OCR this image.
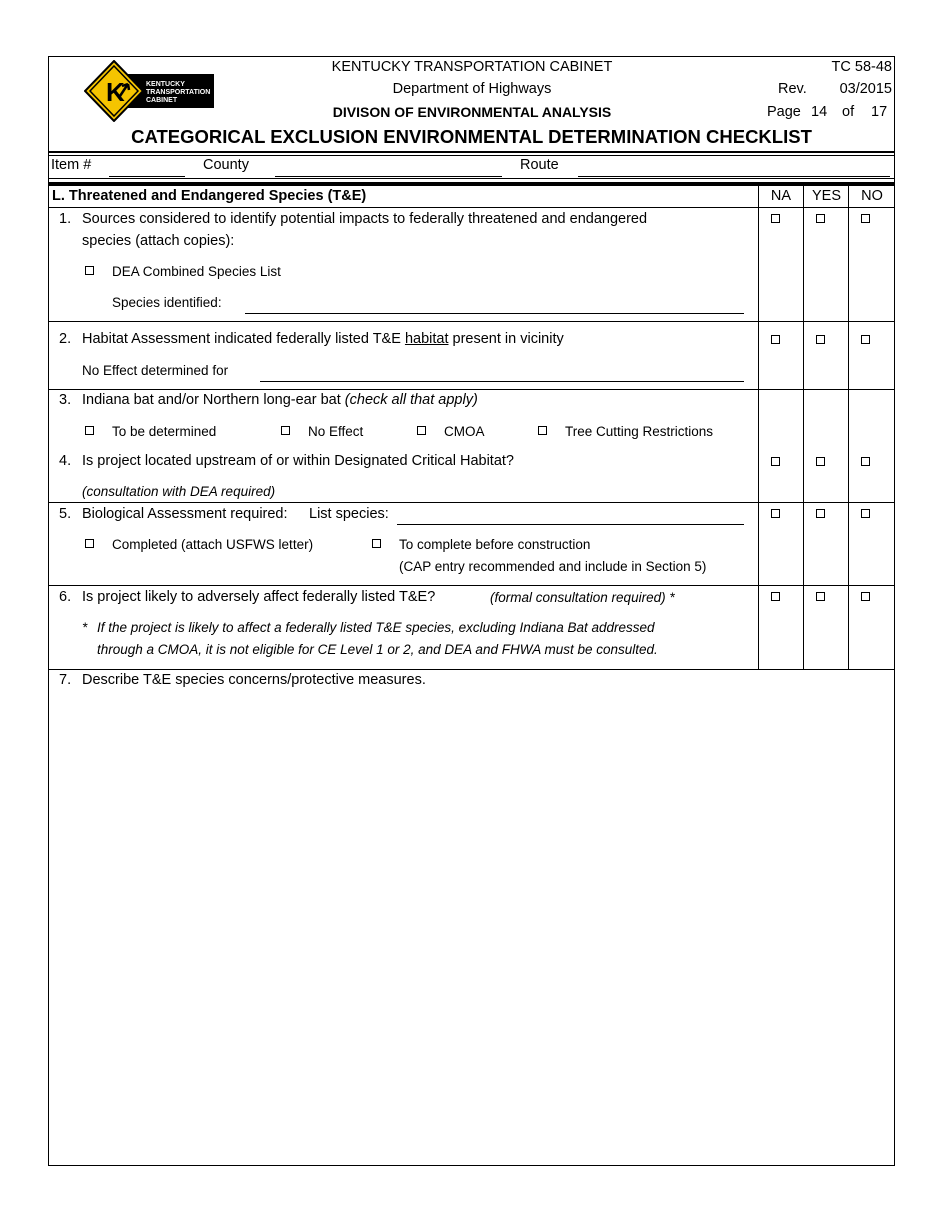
K	KENTUCKY
TRANSPORTATION
CABINET
KENTUCKY TRANSPORTATION CABINET
Department of Highways
DIVISON OF ENVIRONMENTAL ANALYSIS
TC 58-48
Rev.	03/2015
Page 14 of 17
CATEGORICAL EXCLUSION ENVIRONMENTAL DETERMINATION CHECKLIST
Item #	County	Route
L. Threatened and Endangered Species (T&E)	NA	YES	NO
1. Sources considered to identify potential impacts to federally threatened and endangered
species (attach copies):
DEA Combined Species List
Species identified:
2. Habitat Assessment indicated federally listed T&E habitat present in vicinity
No Effect determined for
3. Indiana bat and/or Northern long-ear bat (check all that apply)
To be determined	No Effect	CMOA	Tree Cutting Restrictions
4. Is project located upstream of or within Designated Critical Habitat?
(consultation with DEA required)
5. Biological Assessment required: List species:
Completed (attach USFWS letter)	To complete before construction
(CAP entry recommended and include in Section 5)
6. Is project likely to adversely affect federally listed T&E?	(formal consultation required) *
* If the project is likely to affect a federally listed T&E species, excluding Indiana Bat addressed
through a CMOA, it is not eligible for CE Level 1 or 2, and DEA and FHWA must be consulted.
7. Describe T&E species concerns/protective measures.
